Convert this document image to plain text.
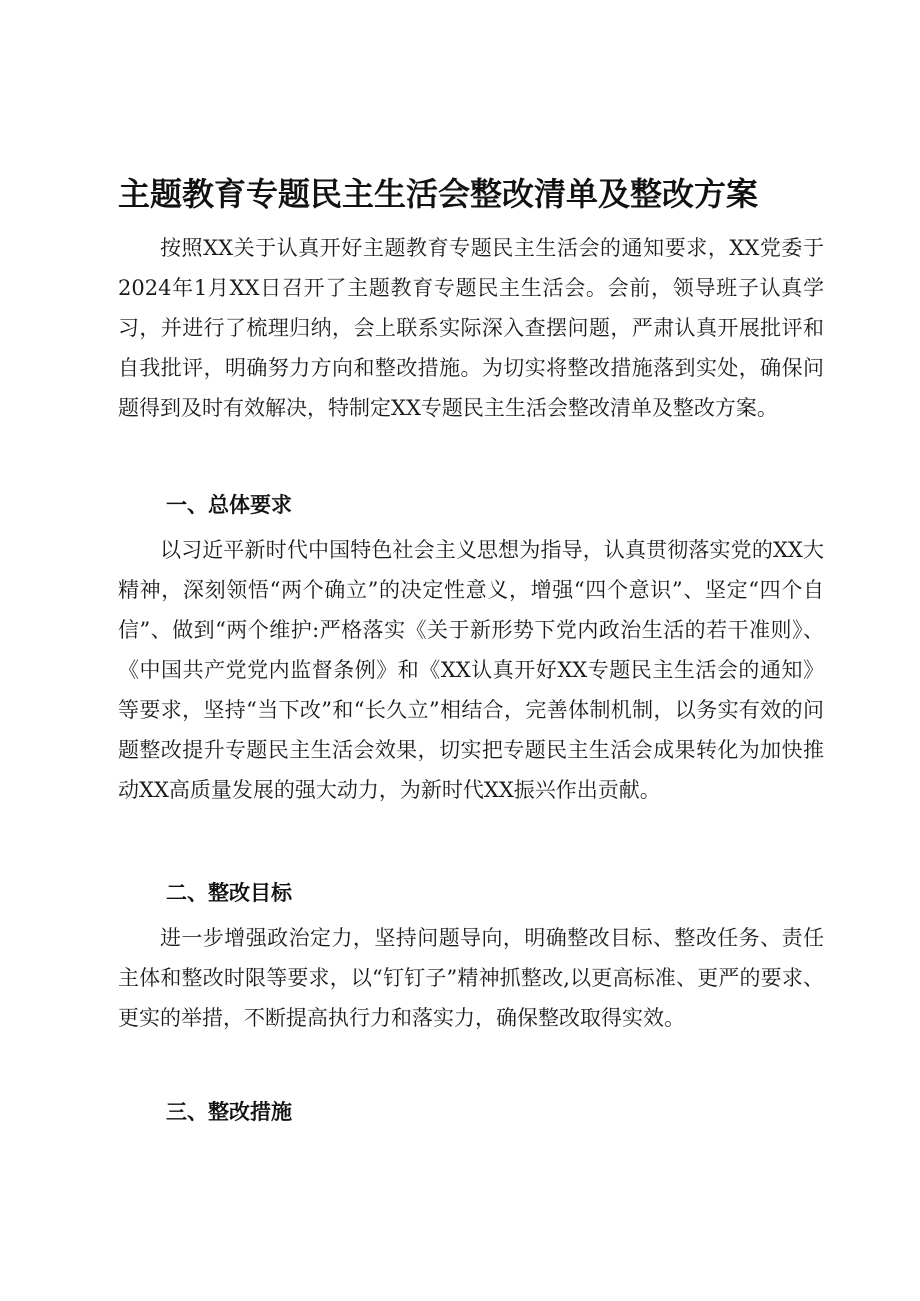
主题教育专题民主生活会整改清单及整改方案

按照XX关于认真开好主题教育专题民主生活会的通知要求，XX党委于2024年1月XX日召开了主题教育专题民主生活会。会前，领导班子认真学习，并进行了梳理归纳，会上联系实际深入查摆问题，严肃认真开展批评和自我批评，明确努力方向和整改措施。为切实将整改措施落到实处，确保问题得到及时有效解决，特制定XX专题民主生活会整改清单及整改方案。

一、总体要求

以习近平新时代中国特色社会主义思想为指导，认真贯彻落实党的XX大精神，深刻领悟“两个确立”的决定性意义，增强“四个意识”、坚定“四个自信”、做到“两个维护:严格落实《关于新形势下党内政治生活的若干准则》、《中国共产党党内监督条例》和《XX认真开好XX专题民主生活会的通知》等要求，坚持“当下改”和“长久立”相结合，完善体制机制，以务实有效的问题整改提升专题民主生活会效果，切实把专题民主生活会成果转化为加快推动XX高质量发展的强大动力，为新时代XX振兴作出贡献。

二、整改目标

进一步增强政治定力，坚持问题导向，明确整改目标、整改任务、责任主体和整改时限等要求，以“钉钉子”精神抓整改,以更高标准、更严的要求、更实的举措，不断提高执行力和落实力，确保整改取得实效。

三、整改措施
